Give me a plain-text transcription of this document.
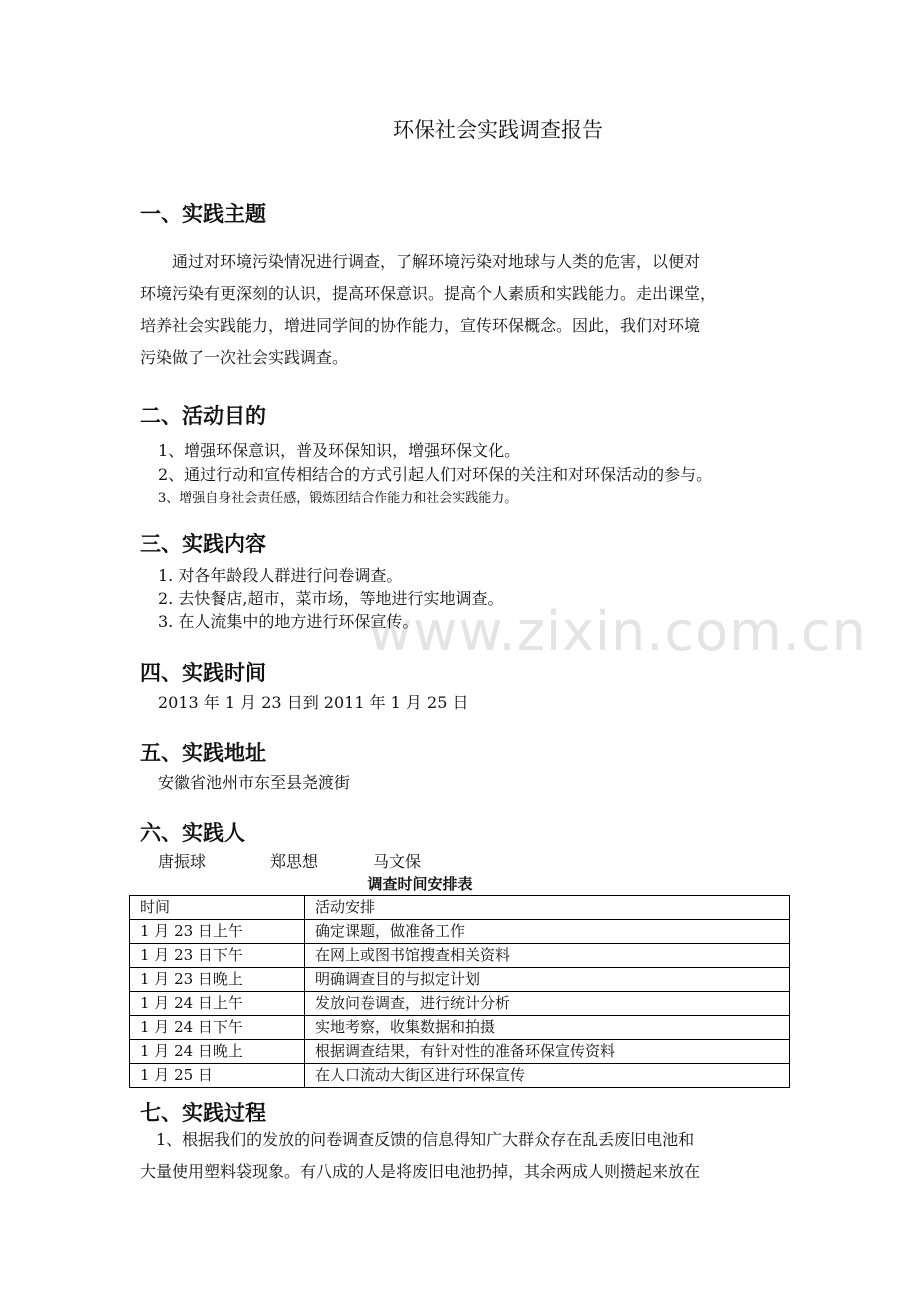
www.zixin.com.cn
环保社会实践调查报告
一、实践主题
通过对环境污染情况进行调查，了解环境污染对地球与人类的危害，以便对
环境污染有更深刻的认识，提高环保意识。提高个人素质和实践能力。走出课堂，
培养社会实践能力，增进同学间的协作能力，宣传环保概念。因此，我们对环境
污染做了一次社会实践调查。
二、活动目的
1、增强环保意识，普及环保知识，增强环保文化。
2、通过行动和宣传相结合的方式引起人们对环保的关注和对环保活动的参与。
3、增强自身社会责任感，锻炼团结合作能力和社会实践能力。
三、实践内容
1. 对各年龄段人群进行问卷调查。
2. 去快餐店,超市，菜市场，等地进行实地调查。
3. 在人流集中的地方进行环保宣传。
四、实践时间
2013 年 1 月 23 日到 2011 年 1 月 25 日
五、实践地址
安徽省池州市东至县尧渡街
六、实践人
唐振球	郑思想	马文保
调查时间安排表
时间	活动安排
1 月 23 日上午	确定课题，做准备工作
1 月 23 日下午	在网上或图书馆搜查相关资料
1 月 23 日晚上	明确调查目的与拟定计划
1 月 24 日上午	发放问卷调查，进行统计分析
1 月 24 日下午	实地考察，收集数据和拍摄
1 月 24 日晚上	根据调查结果，有针对性的准备环保宣传资料
1 月 25 日	在人口流动大街区进行环保宣传
七、实践过程
1、根据我们的发放的问卷调查反馈的信息得知广大群众存在乱丢废旧电池和
大量使用塑料袋现象。有八成的人是将废旧电池扔掉，其余两成人则攒起来放在
